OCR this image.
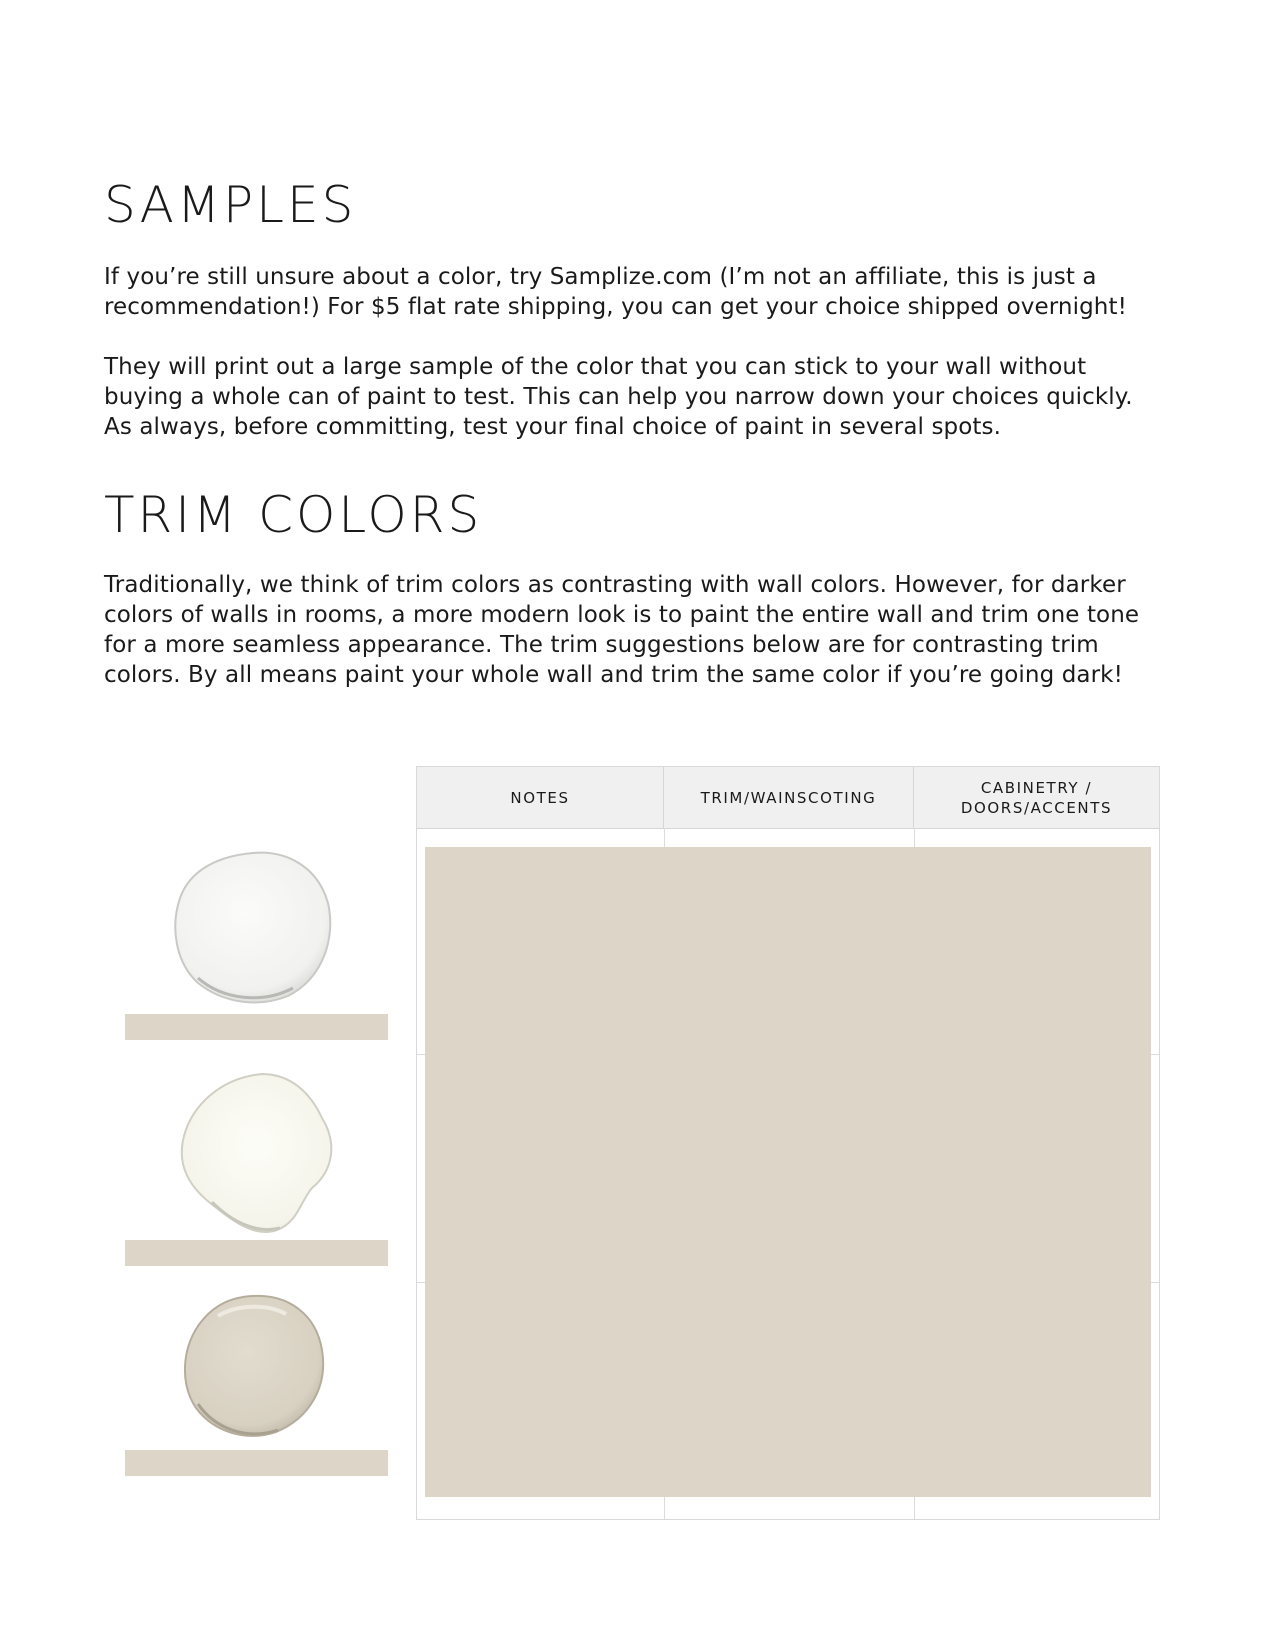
SAMPLES

If you’re still unsure about a color, try Samplize.com (I’m not an affiliate, this is just a
recommendation!) For $5 flat rate shipping, you can get your choice shipped overnight!

They will print out a large sample of the color that you can stick to your wall without
buying a whole can of paint to test. This can help you narrow down your choices quickly.
As always, before committing, test your final choice of paint in several spots.

TRIM COLORS

Traditionally, we think of trim colors as contrasting with wall colors. However, for darker
colors of walls in rooms, a more modern look is to paint the entire wall and trim one tone
for a more seamless appearance. The trim suggestions below are for contrasting trim
colors. By all means paint your whole wall and trim the same color if you’re going dark!

NOTES	TRIM/WAINSCOTING
CABINETRY /
DOORS/ACCENTS
